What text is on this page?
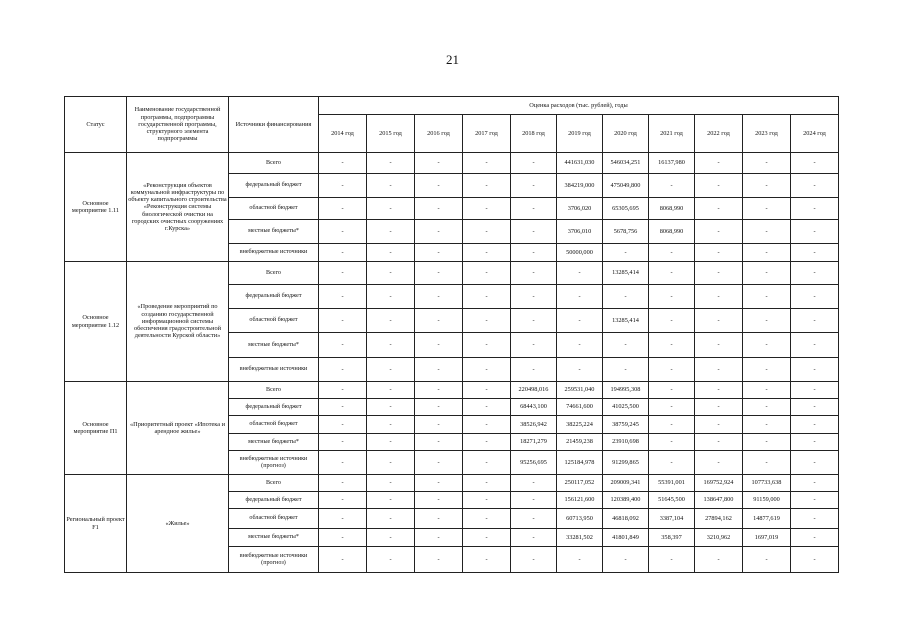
21
Статус	Наименование государственной программы, подпрограммы государственной программы, структурного элемента подпрограммы	Источники финансирования	Оценка расходов (тыс. рублей), годы										
			2014 год	2015 год	2016 год	2017 год	2018 год	2019 год	2020 год	2021 год	2022 год	2023 год	2024 год
Основное мероприятие 1.11	«Реконструкция объектов коммунальной инфраструктуры по объекту капитального строительства «Реконструкция системы биологической очистки на городских очистных сооружениях г.Курска»	Всего	-	-	-	-	-	441631,030	546034,251	16137,980	-	-	-
		федеральный бюджет	-	-	-	-	-	384219,000	475049,800	-	-	-	-
		областной бюджет	-	-	-	-	-	3706,020	65305,695	8068,990	-	-	-
		местные бюджеты*	-	-	-	-	-	3706,010	5678,756	8068,990	-	-	-
		внебюджетные источники	-	-	-	-	-	50000,000	-	-	-	-	-
Основное мероприятие 1.12	«Проведение мероприятий по созданию государственной информационной системы обеспечения градостроительной деятельности Курской области»	Всего	-	-	-	-	-	-	13285,414	-	-	-	-
		федеральный бюджет	-	-	-	-	-	-	-	-	-	-	-
		областной бюджет	-	-	-	-	-	-	13285,414	-	-	-	-
		местные бюджеты*	-	-	-	-	-	-	-	-	-	-	-
		внебюджетные источники	-	-	-	-	-	-	-	-	-	-	-
Основное мероприятие П1	«Приоритетный проект «Ипотека и арендное жилье»	Всего	-	-	-	-	220498,016	259531,040	194995,308	-	-	-	-
		федеральный бюджет	-	-	-	-	68443,100	74661,600	41025,500	-	-	-	-
		областной бюджет	-	-	-	-	38526,942	38225,224	38759,245	-	-	-	-
		местные бюджеты*	-	-	-	-	18271,279	21459,238	23910,698	-	-	-	-
		внебюджетные источники (прогноз)	-	-	-	-	95256,695	125184,978	91299,865	-	-	-	-
Региональный проект F1	«Жилье»	Всего	-	-	-	-	-	250117,052	209009,341	55391,001	169752,924	107733,638	-
		федеральный бюджет	-	-	-	-	-	156121,600	120389,400	51645,500	138647,800	91159,000	-
		областной бюджет	-	-	-	-	-	60713,950	46818,092	3387,104	27894,162	14877,619	-
		местные бюджеты*	-	-	-	-	-	33281,502	41801,849	358,397	3210,962	1697,019	-
		внебюджетные источники (прогноз)	-	-	-	-	-	-	-	-	-	-	-
